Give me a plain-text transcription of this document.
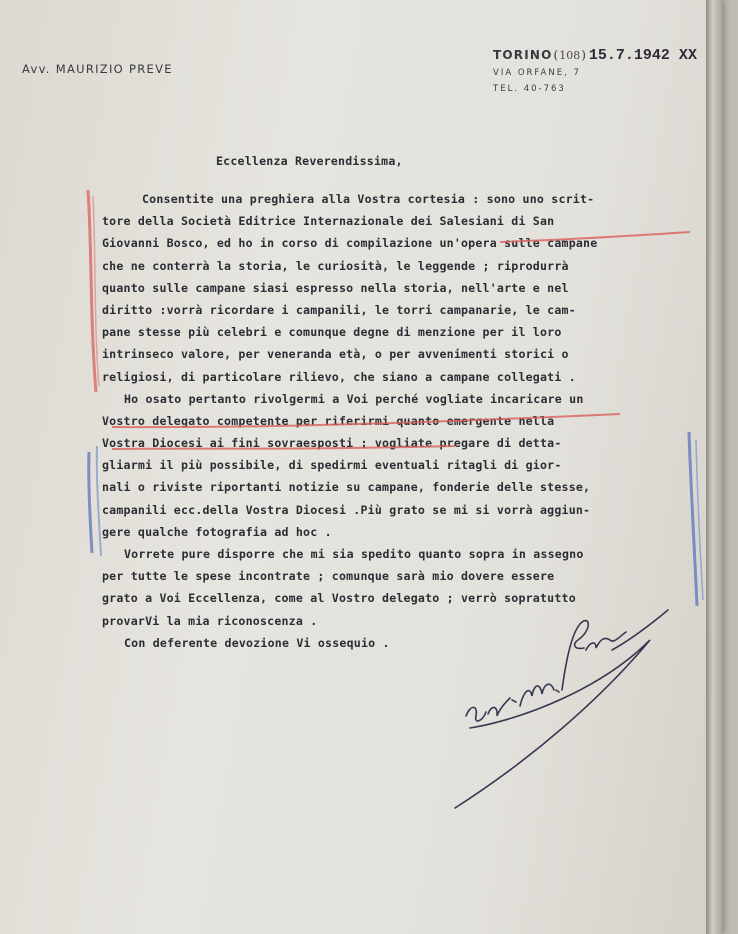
Avv. MAURIZIO PREVE
TORINO(108) 15.7.1942 XX
VIA ORFANE, 7
TEL. 40-763
Eccellenza Reverendissima,
Consentite una preghiera alla Vostra cortesia : sono uno scrit-
tore della Società Editrice Internazionale dei Salesiani di San
Giovanni Bosco, ed ho in corso di compilazione un'opera sulle campane
che ne conterrà la storia, le curiosità, le leggende ; riprodurrà
quanto sulle campane siasi espresso nella storia, nell'arte e nel
diritto :vorrà ricordare i campanili, le torri campanarie, le cam-
pane stesse più celebri e comunque degne di menzione per il loro
intrinseco valore, per veneranda età, o per avvenimenti storici o
religiosi, di particolare rilievo, che siano a campane collegati .
Ho osato pertanto rivolgermi a Voi perché vogliate incaricare un
Vostro delegato competente per riferirmi quanto emergente nella
Vostra Diocesi ai fini sovraesposti ; vogliate pregare di detta-
gliarmi il più possibile, di spedirmi eventuali ritagli di gior-
nali o riviste riportanti notizie su campane, fonderie delle stesse,
campanili ecc.della Vostra Diocesi .Più grato se mi si vorrà aggiun-
gere qualche fotografia ad hoc .
Vorrete pure disporre che mi sia spedito quanto sopra in assegno
per tutte le spese incontrate ; comunque sarà mio dovere essere
grato a Voi Eccellenza, come al Vostro delegato ; verrò sopratutto
provarVi la mia riconoscenza .
Con deferente devozione Vi ossequio .
